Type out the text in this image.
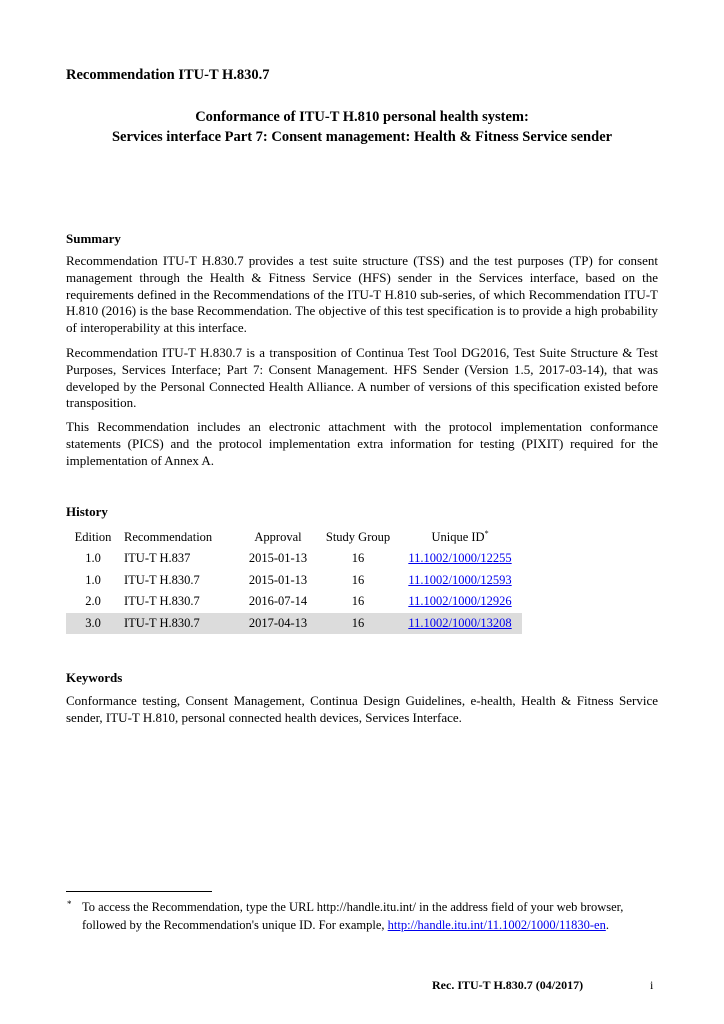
Recommendation ITU-T H.830.7
Conformance of ITU-T H.810 personal health system:
Services interface Part 7: Consent management: Health & Fitness Service sender
Summary
Recommendation ITU-T H.830.7 provides a test suite structure (TSS) and the test purposes (TP) for consent management through the Health & Fitness Service (HFS) sender in the Services interface, based on the requirements defined in the Recommendations of the ITU-T H.810 sub-series, of which Recommendation ITU-T H.810 (2016) is the base Recommendation. The objective of this test specification is to provide a high probability of interoperability at this interface.
Recommendation ITU-T H.830.7 is a transposition of Continua Test Tool DG2016, Test Suite Structure & Test Purposes, Services Interface; Part 7: Consent Management. HFS Sender (Version 1.5, 2017-03-14), that was developed by the Personal Connected Health Alliance. A number of versions of this specification existed before transposition.
This Recommendation includes an electronic attachment with the protocol implementation conformance statements (PICS) and the protocol implementation extra information for testing (PIXIT) required for the implementation of Annex A.
History
Edition	Recommendation	Approval	Study Group	Unique ID*
1.0	ITU-T H.837	2015-01-13	16	11.1002/1000/12255
1.0	ITU-T H.830.7	2015-01-13	16	11.1002/1000/12593
2.0	ITU-T H.830.7	2016-07-14	16	11.1002/1000/12926
3.0	ITU-T H.830.7	2017-04-13	16	11.1002/1000/13208
Keywords
Conformance testing, Consent Management, Continua Design Guidelines, e-health, Health & Fitness Service sender, ITU-T H.810, personal connected health devices, Services Interface.
* To access the Recommendation, type the URL http://handle.itu.int/ in the address field of your web browser, followed by the Recommendation's unique ID. For example, http://handle.itu.int/11.1002/1000/11830-en.
Rec. ITU-T H.830.7 (04/2017)	i
